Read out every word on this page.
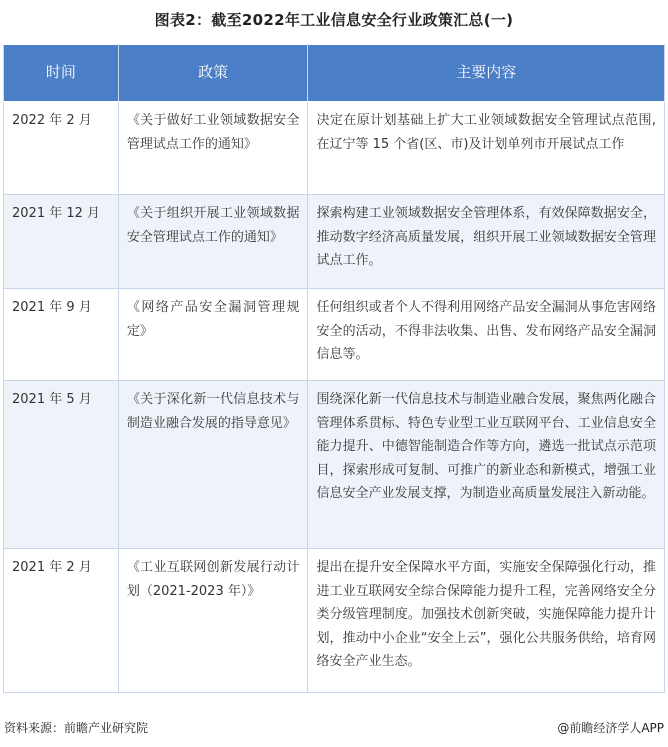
图表2：截至2022年工业信息安全行业政策汇总(一)
时间	政策	主要内容
2022 年 2 月	《关于做好工业领域数据安全管理试点工作的通知》	决定在原计划基础上扩大工业领域数据安全管理试点范围,在辽宁等 15 个省(区、市)及计划单列市开展试点工作
2021 年 12 月	《关于组织开展工业领域数据安全管理试点工作的通知》	探索构建工业领域数据安全管理体系，有效保障数据安全，推动数字经济高质量发展，组织开展工业领域数据安全管理试点工作。
2021 年 9 月	《网络产品安全漏洞管理规定》	任何组织或者个人不得利用网络产品安全漏洞从事危害网络安全的活动，不得非法收集、出售、发布网络产品安全漏洞信息等。
2021 年 5 月	《关于深化新一代信息技术与制造业融合发展的指导意见》	围绕深化新一代信息技术与制造业融合发展，聚焦两化融合管理体系贯标、特色专业型工业互联网平台、工业信息安全能力提升、中德智能制造合作等方向，遴选一批试点示范项目，探索形成可复制、可推广的新业态和新模式，增强工业信息安全产业发展支撑，为制造业高质量发展注入新动能。
2021 年 2 月	《工业互联网创新发展行动计划（2021-2023 年）》	提出在提升安全保障水平方面，实施安全保障强化行动，推进工业互联网安全综合保障能力提升工程，完善网络安全分类分级管理制度。加强技术创新突破，实施保障能力提升计划，推动中小企业“安全上云”，强化公共服务供给，培育网络安全产业生态。
资料来源：前瞻产业研究院	@前瞻经济学人APP
